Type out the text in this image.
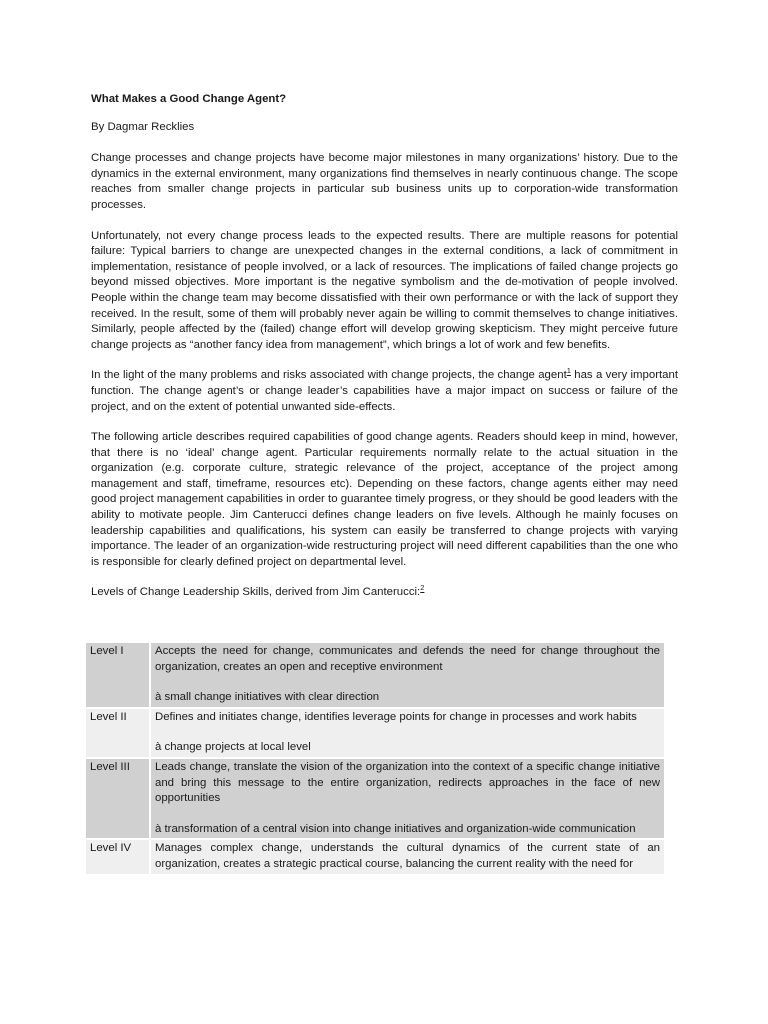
What Makes a Good Change Agent?

By Dagmar Recklies

Change processes and change projects have become major milestones in many organizations’ history. Due to the dynamics in the external environment, many organizations find themselves in nearly continuous change. The scope reaches from smaller change projects in particular sub business units up to corporation-wide transformation processes.

Unfortunately, not every change process leads to the expected results. There are multiple reasons for potential failure: Typical barriers to change are unexpected changes in the external conditions, a lack of commitment in implementation, resistance of people involved, or a lack of resources. The implications of failed change projects go beyond missed objectives. More important is the negative symbolism and the de-motivation of people involved. People within the change team may become dissatisfied with their own performance or with the lack of support they received. In the result, some of them will probably never again be willing to commit themselves to change initiatives. Similarly, people affected by the (failed) change effort will develop growing skepticism. They might perceive future change projects as “another fancy idea from management”, which brings a lot of work and few benefits.

In the light of the many problems and risks associated with change projects, the change agent$^1$ has a very important function. The change agent’s or change leader’s capabilities have a major impact on success or failure of the project, and on the extent of potential unwanted side-effects.

The following article describes required capabilities of good change agents. Readers should keep in mind, however, that there is no ‘ideal’ change agent. Particular requirements normally relate to the actual situation in the organization (e.g. corporate culture, strategic relevance of the project, acceptance of the project among management and staff, timeframe, resources etc). Depending on these factors, change agents either may need good project management capabilities in order to guarantee timely progress, or they should be good leaders with the ability to motivate people. Jim Canterucci defines change leaders on five levels. Although he mainly focuses on leadership capabilities and qualifications, his system can easily be transferred to change projects with varying importance. The leader of an organization-wide restructuring project will need different capabilities than the one who is responsible for clearly defined project on departmental level.

Levels of Change Leadership Skills, derived from Jim Canterucci:$^2$

Level I	Accepts the need for change, communicates and defends the need for change throughout the organization, creates an open and receptive environment
à small change initiatives with clear direction

Level II	Defines and initiates change, identifies leverage points for change in processes and work habits
à change projects at local level

Level III	Leads change, translate the vision of the organization into the context of a specific change initiative and bring this message to the entire organization, redirects approaches in the face of new opportunities
à transformation of a central vision into change initiatives and organization-wide communication

Level IV	Manages complex change, understands the cultural dynamics of the current state of an organization, creates a strategic practical course, balancing the current reality with the need for
